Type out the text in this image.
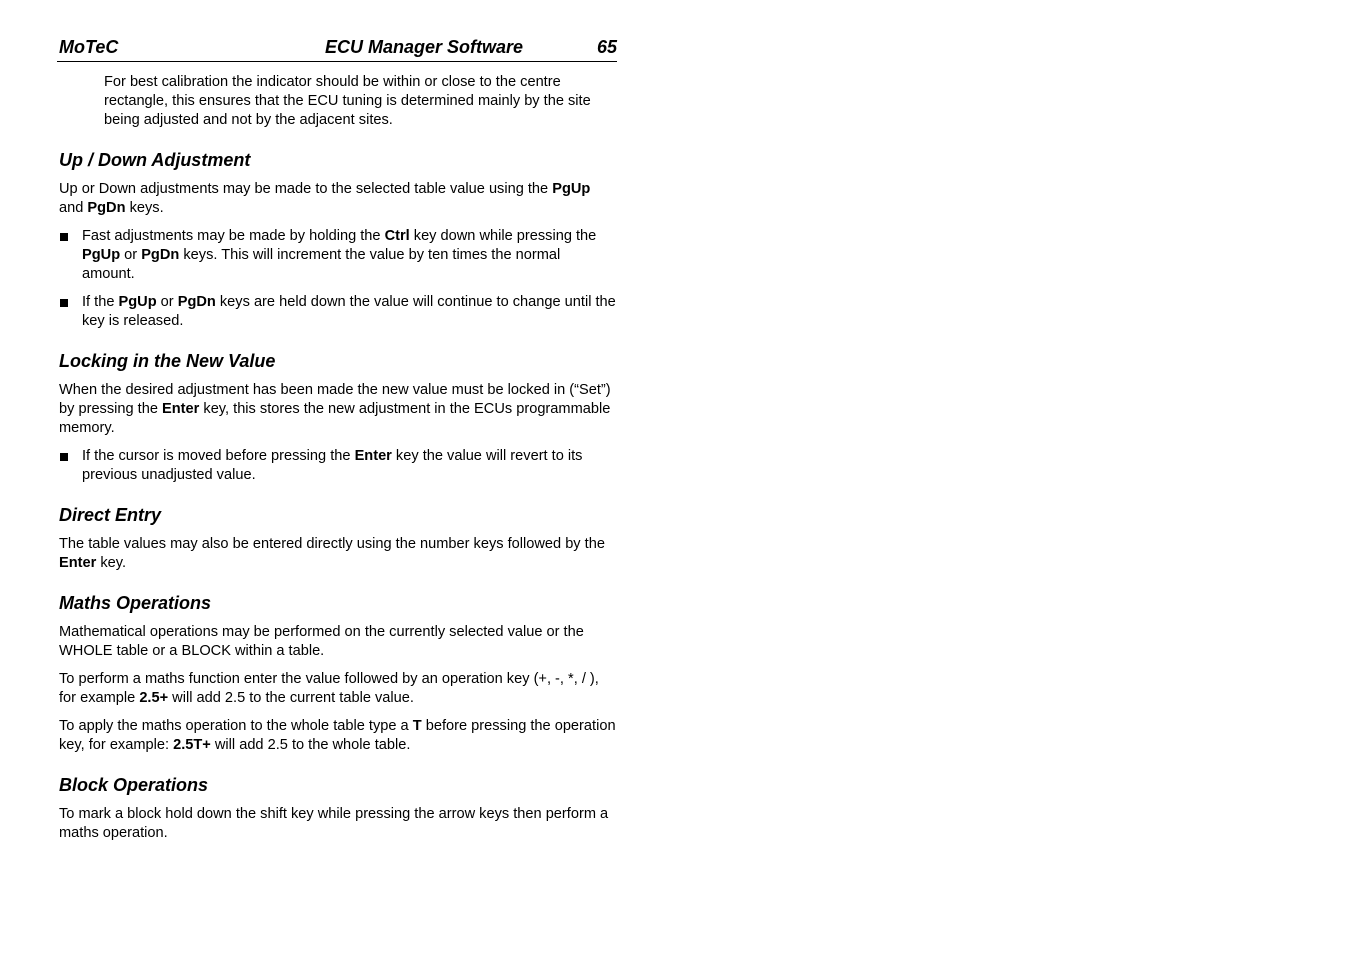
MoTeC	ECU Manager Software	65

For best calibration the indicator should be within or close to the centre rectangle, this ensures that the ECU tuning is determined mainly by the site being adjusted and not by the adjacent sites.

Up / Down Adjustment

Up or Down adjustments may be made to the selected table value using the PgUp and PgDn keys.

Fast adjustments may be made by holding the Ctrl key down while pressing the PgUp or PgDn keys. This will increment the value by ten times the normal amount.

If the PgUp or PgDn keys are held down the value will continue to change until the key is released.

Locking in the New Value

When the desired adjustment has been made the new value must be locked in (“Set”) by pressing the Enter key, this stores the new adjustment in the ECUs programmable memory.

If the cursor is moved before pressing the Enter key the value will revert to its previous unadjusted value.

Direct Entry

The table values may also be entered directly using the number keys followed by the Enter key.

Maths Operations

Mathematical operations may be performed on the currently selected value or the WHOLE table or a BLOCK within a table.

To perform a maths function enter the value followed by an operation key (+, -, *, / ), for example 2.5+ will add 2.5 to the current table value.

To apply the maths operation to the whole table type a T before pressing the operation key, for example: 2.5T+ will add 2.5 to the whole table.

Block Operations

To mark a block hold down the shift key while pressing the arrow keys then perform a maths operation.
